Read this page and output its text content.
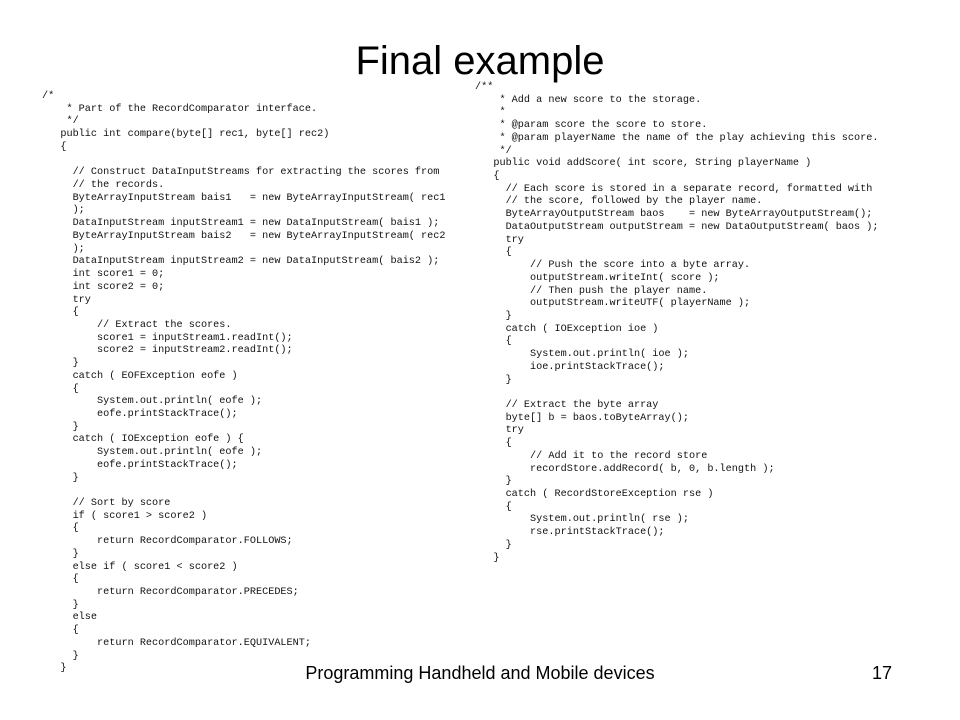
Final example
/*
* Part of the RecordComparator interface.
*/
public int compare(byte[] rec1, byte[] rec2)
{
// Construct DataInputStreams for extracting the scores from
// the records.
ByteArrayInputStream bais1   = new ByteArrayInputStream( rec1
);
DataInputStream inputStream1 = new DataInputStream( bais1 );
ByteArrayInputStream bais2   = new ByteArrayInputStream( rec2
);
DataInputStream inputStream2 = new DataInputStream( bais2 );
int score1 = 0;
int score2 = 0;
try
{
// Extract the scores.
score1 = inputStream1.readInt();
score2 = inputStream2.readInt();
}
catch ( EOFException eofe )
{
System.out.println( eofe );
eofe.printStackTrace();
}
catch ( IOException eofe ) {
System.out.println( eofe );
eofe.printStackTrace();
}
// Sort by score
if ( score1 > score2 )
{
return RecordComparator.FOLLOWS;
}
else if ( score1 < score2 )
{
return RecordComparator.PRECEDES;
}
else
{
return RecordComparator.EQUIVALENT;
}
}
/**
* Add a new score to the storage.
*
* @param score the score to store.
* @param playerName the name of the play achieving this score.
*/
public void addScore( int score, String playerName )
{
// Each score is stored in a separate record, formatted with
// the score, followed by the player name.
ByteArrayOutputStream baos    = new ByteArrayOutputStream();
DataOutputStream outputStream = new DataOutputStream( baos );
try
{
// Push the score into a byte array.
outputStream.writeInt( score );
// Then push the player name.
outputStream.writeUTF( playerName );
}
catch ( IOException ioe )
{
System.out.println( ioe );
ioe.printStackTrace();
}
// Extract the byte array
byte[] b = baos.toByteArray();
try
{
// Add it to the record store
recordStore.addRecord( b, 0, b.length );
}
catch ( RecordStoreException rse )
{
System.out.println( rse );
rse.printStackTrace();
}
}
Programming Handheld and Mobile devices	17
